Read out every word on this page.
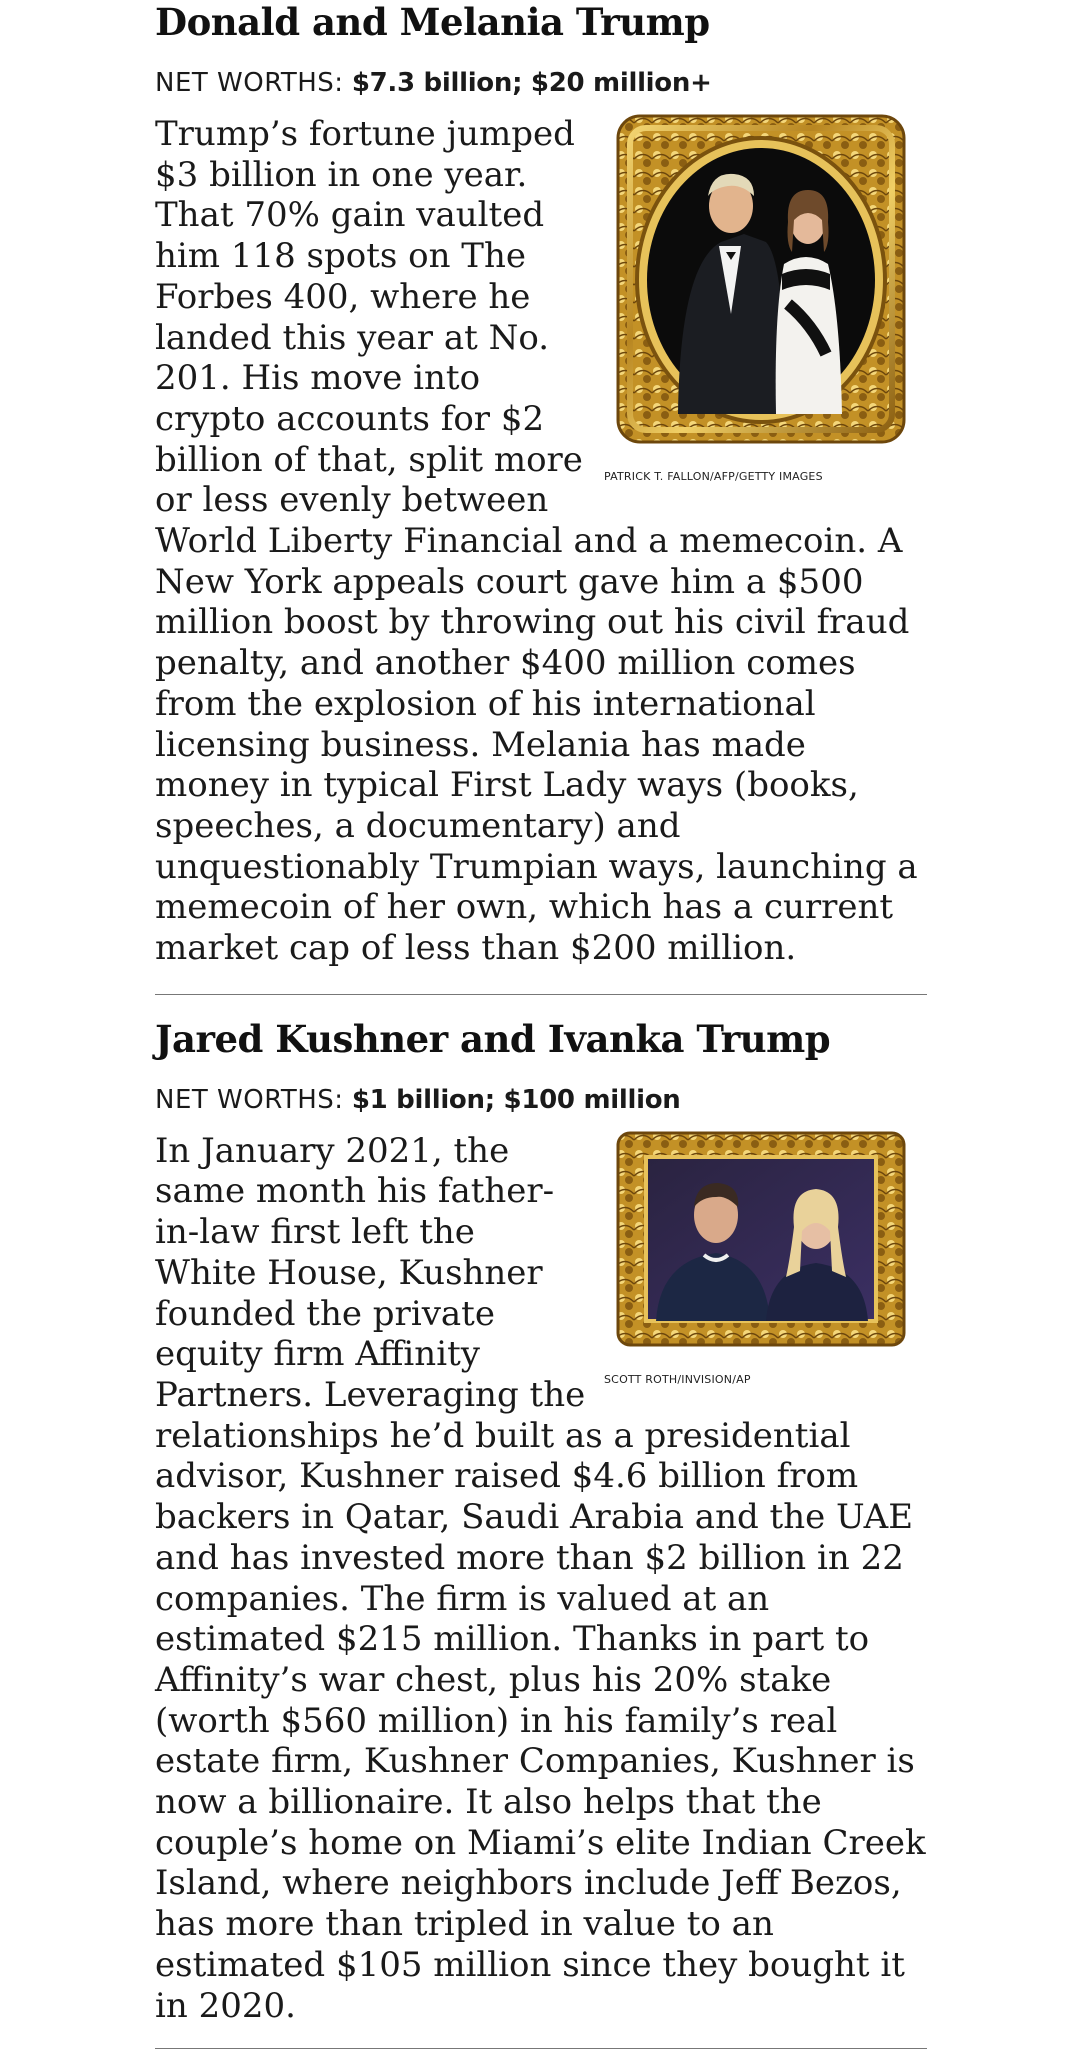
Donald and Melania Trump

NET WORTHS: $7.3 billion; $20 million+

PATRICK T. FALLON/AFP/GETTY IMAGES

Trump’s fortune jumped $3 billion in one year. That 70% gain vaulted him 118 spots on The Forbes 400, where he landed this year at No. 201. His move into crypto accounts for $2 billion of that, split more or less evenly between World Liberty Financial and a memecoin. A New York appeals court gave him a $500 million boost by throwing out his civil fraud penalty, and another $400 million comes from the explosion of his international licensing business. Melania has made money in typical First Lady ways (books, speeches, a documentary) and unquestionably Trumpian ways, launching a memecoin of her own, which has a current market cap of less than $200 million.

Jared Kushner and Ivanka Trump

NET WORTHS: $1 billion; $100 million

SCOTT ROTH/INVISION/AP

In January 2021, the same month his father-in-law first left the White House, Kushner founded the private equity firm Affinity Partners. Leveraging the relationships he’d built as a presidential advisor, Kushner raised $4.6 billion from backers in Qatar, Saudi Arabia and the UAE and has invested more than $2 billion in 22 companies. The firm is valued at an estimated $215 million. Thanks in part to Affinity’s war chest, plus his 20% stake (worth $560 million) in his family’s real estate firm, Kushner Companies, Kushner is now a billionaire. It also helps that the couple’s home on Miami’s elite Indian Creek Island, where neighbors include Jeff Bezos, has more than tripled in value to an estimated $105 million since they bought it in 2020.
